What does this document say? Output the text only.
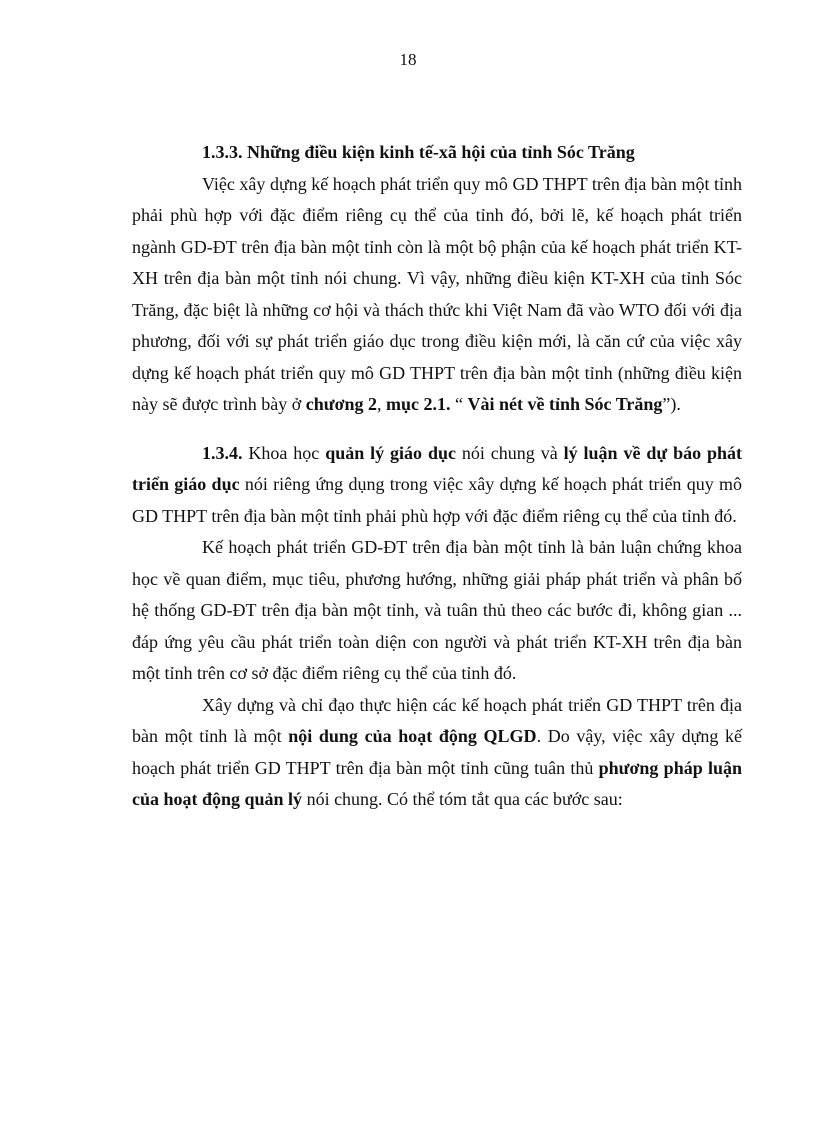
18

1.3.3. Những điều kiện kinh tế-xã hội của tỉnh Sóc Trăng

Việc xây dựng kế hoạch phát triển quy mô GD THPT trên địa bàn một tỉnh phải phù hợp với đặc điểm riêng cụ thể của tỉnh đó, bởi lẽ, kế hoạch phát triển ngành GD-ĐT trên địa bàn một tỉnh còn là một bộ phận của kế hoạch phát triển KT-XH trên địa bàn một tỉnh nói chung. Vì vậy, những điều kiện KT-XH của tỉnh Sóc Trăng, đặc biệt là những cơ hội và thách thức khi Việt Nam đã vào WTO đối với địa phương, đối với sự phát triển giáo dục trong điều kiện mới, là căn cứ của việc xây dựng kế hoạch phát triển quy mô GD THPT trên địa bàn một tỉnh (những điều kiện này sẽ được trình bày ở chương 2, mục 2.1. “ Vài nét về tỉnh Sóc Trăng”).

1.3.4. Khoa học quản lý giáo dục nói chung và lý luận về dự báo phát triển giáo dục nói riêng ứng dụng trong việc xây dựng kế hoạch phát triển quy mô GD THPT trên địa bàn một tỉnh phải phù hợp với đặc điểm riêng cụ thể của tỉnh đó.

Kế hoạch phát triển GD-ĐT trên địa bàn một tỉnh là bản luận chứng khoa học về quan điểm, mục tiêu, phương hướng, những giải pháp phát triển và phân bố hệ thống GD-ĐT trên địa bàn một tỉnh, và tuân thủ theo các bước đi, không gian ... đáp ứng yêu cầu phát triển toàn diện con người và phát triển KT-XH trên địa bàn một tỉnh trên cơ sở đặc điểm riêng cụ thể của tỉnh đó.

Xây dựng và chỉ đạo thực hiện các kế hoạch phát triển GD THPT trên địa bàn một tỉnh là một nội dung của hoạt động QLGD. Do vậy, việc xây dựng kế hoạch phát triển GD THPT trên địa bàn một tỉnh cũng tuân thủ phương pháp luận của hoạt động quản lý nói chung. Có thể tóm tắt qua các bước sau:
